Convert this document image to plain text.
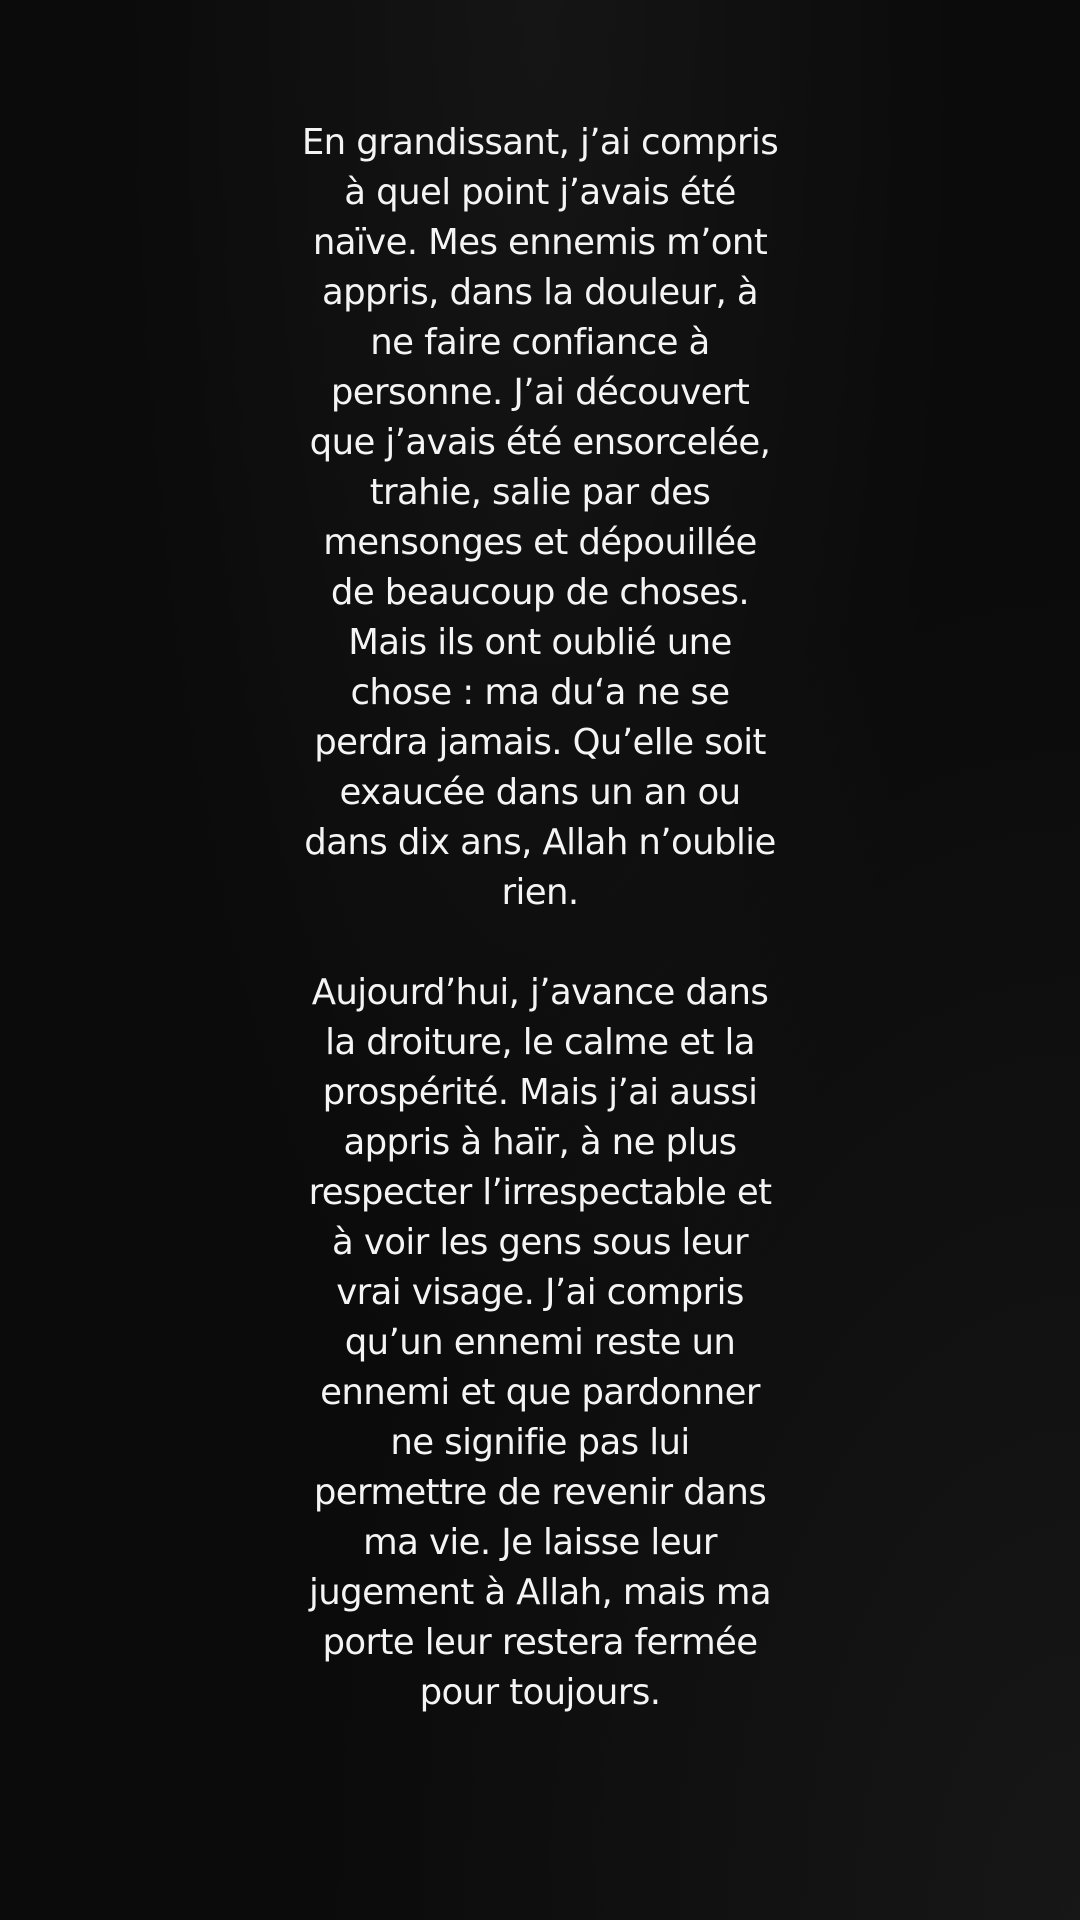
En grandissant, j’ai compris
à quel point j’avais été
naïve. Mes ennemis m’ont
appris, dans la douleur, à
ne faire confiance à
personne. J’ai découvert
que j’avais été ensorcelée,
trahie, salie par des
mensonges et dépouillée
de beaucoup de choses.
Mais ils ont oublié une
chose : ma du‘a ne se
perdra jamais. Qu’elle soit
exaucée dans un an ou
dans dix ans, Allah n’oublie
rien.
Aujourd’hui, j’avance dans
la droiture, le calme et la
prospérité. Mais j’ai aussi
appris à haïr, à ne plus
respecter l’irrespectable et
à voir les gens sous leur
vrai visage. J’ai compris
qu’un ennemi reste un
ennemi et que pardonner
ne signifie pas lui
permettre de revenir dans
ma vie. Je laisse leur
jugement à Allah, mais ma
porte leur restera fermée
pour toujours.
